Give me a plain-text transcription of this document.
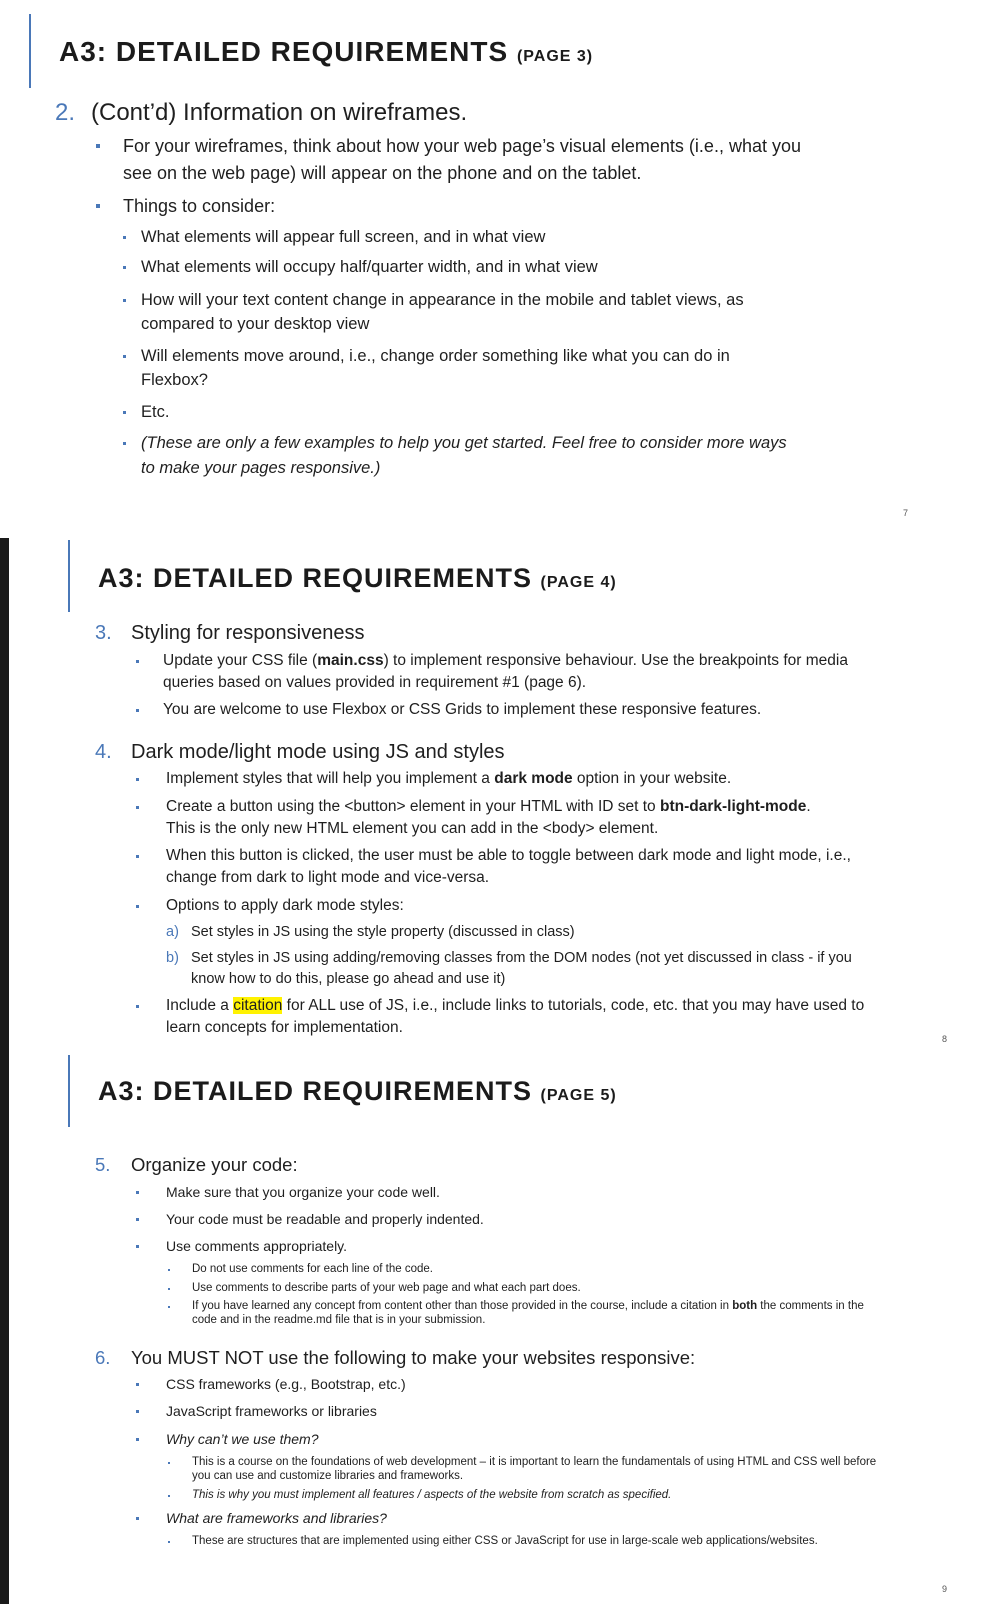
A3: DETAILED REQUIREMENTS (PAGE 3)
2. (Cont’d) Information on wireframes.
For your wireframes, think about how your web page’s visual elements (i.e., what you
see on the web page) will appear on the phone and on the tablet.
Things to consider:
What elements will appear full screen, and in what view
What elements will occupy half/quarter width, and in what view
How will your text content change in appearance in the mobile and tablet views, as
compared to your desktop view
Will elements move around, i.e., change order something like what you can do in
Flexbox?
Etc.
(These are only a few examples to help you get started. Feel free to consider more ways
to make your pages responsive.)
7
A3: DETAILED REQUIREMENTS (PAGE 4)
3. Styling for responsiveness
Update your CSS file (main.css) to implement responsive behaviour. Use the breakpoints for media
queries based on values provided in requirement #1 (page 6).
You are welcome to use Flexbox or CSS Grids to implement these responsive features.
4. Dark mode/light mode using JS and styles
Implement styles that will help you implement a dark mode option in your website.
Create a button using the <button> element in your HTML with ID set to btn-dark-light-mode.
This is the only new HTML element you can add in the <body> element.
When this button is clicked, the user must be able to toggle between dark mode and light mode, i.e.,
change from dark to light mode and vice-versa.
Options to apply dark mode styles:
a) Set styles in JS using the style property (discussed in class)
b) Set styles in JS using adding/removing classes from the DOM nodes (not yet discussed in class - if you
know how to do this, please go ahead and use it)
Include a citation for ALL use of JS, i.e., include links to tutorials, code, etc. that you may have used to
learn concepts for implementation.
8
A3: DETAILED REQUIREMENTS (PAGE 5)
5. Organize your code:
Make sure that you organize your code well.
Your code must be readable and properly indented.
Use comments appropriately.
Do not use comments for each line of the code.
Use comments to describe parts of your web page and what each part does.
If you have learned any concept from content other than those provided in the course, include a citation in both the comments in the
code and in the readme.md file that is in your submission.
6. You MUST NOT use the following to make your websites responsive:
CSS frameworks (e.g., Bootstrap, etc.)
JavaScript frameworks or libraries
Why can’t we use them?
This is a course on the foundations of web development – it is important to learn the fundamentals of using HTML and CSS well before
you can use and customize libraries and frameworks.
This is why you must implement all features / aspects of the website from scratch as specified.
What are frameworks and libraries?
These are structures that are implemented using either CSS or JavaScript for use in large-scale web applications/websites.
9
